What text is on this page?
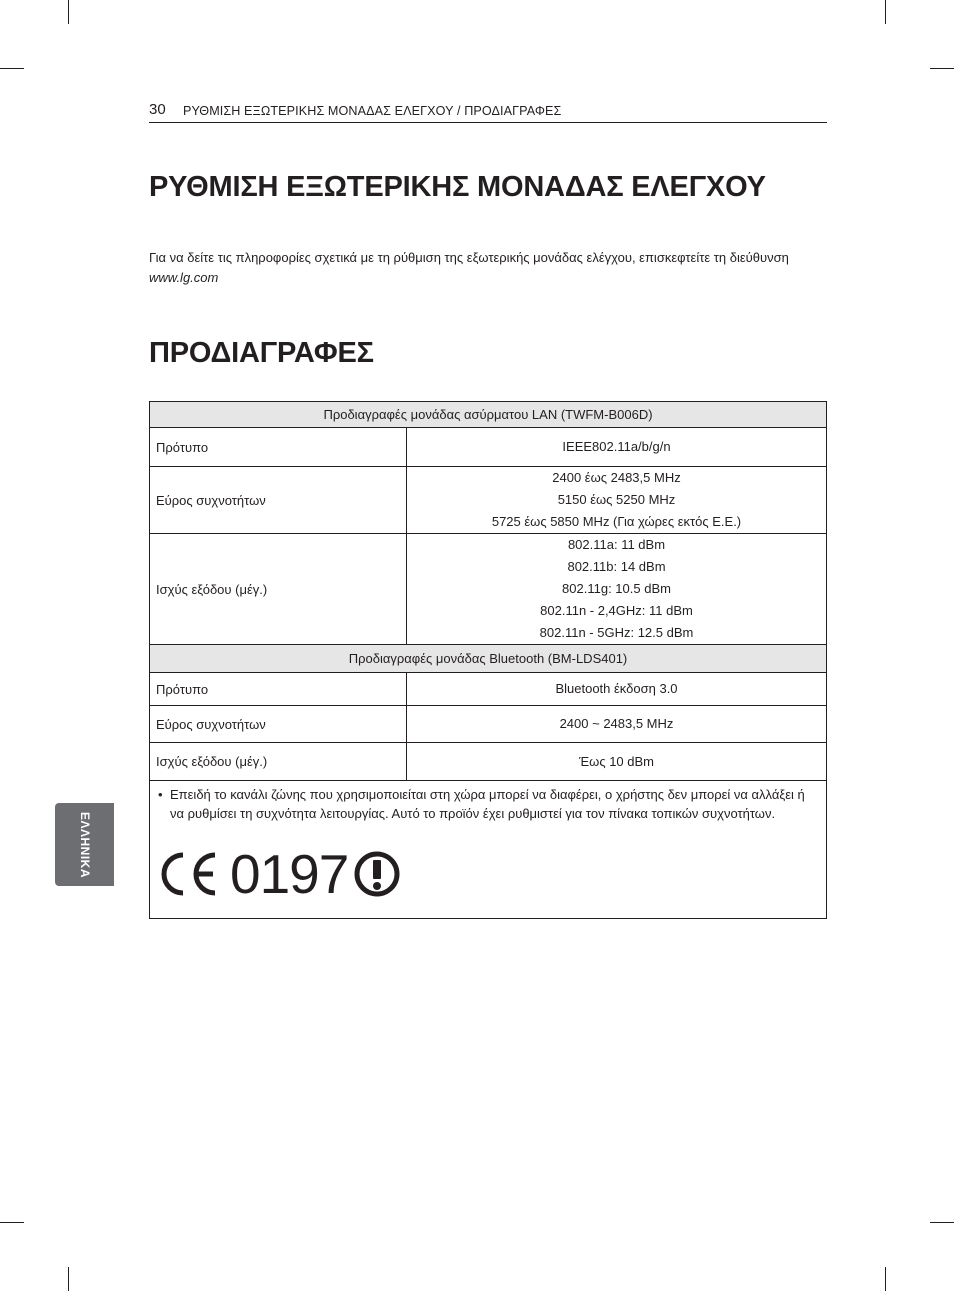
30 ΡΥΘΜΙΣΗ ΕΞΩΤΕΡΙΚΗΣ ΜΟΝΑΔΑΣ ΕΛΕΓΧΟΥ / ΠΡΟΔΙΑΓΡΑΦΕΣ
ΡΥΘΜΙΣΗ ΕΞΩΤΕΡΙΚΗΣ ΜΟΝΑΔΑΣ ΕΛΕΓΧΟΥ

Για να δείτε τις πληροφορίες σχετικά με τη ρύθμιση της εξωτερικής μονάδας ελέγχου, επισκεφτείτε τη διεύθυνση www.lg.com

ΠΡΟΔΙΑΓΡΑΦΕΣ
Προδιαγραφές μονάδας ασύρματου LAN (TWFM-B006D)	
Πρότυπο	IEEE802.11a/b/g/n

Εύρος συχνοτήτων	2400 έως 2483,5 MHz
5150 έως 5250 MHz
5725 έως 5850 MHz (Για χώρες εκτός Ε.Ε.)

Ισχύς εξόδου (μέγ.)	802.11a: 11 dBm
802.11b: 14 dBm
802.11g: 10.5 dBm
802.11n - 2,4GHz: 11 dBm
802.11n - 5GHz: 12.5 dBm

Προδιαγραφές μονάδας Bluetooth (BM-LDS401)	
Πρότυπο	Bluetooth έκδοση 3.0

Εύρος συχνοτήτων	2400 ~ 2483,5 MHz

Ισχύς εξόδου (μέγ.)	Έως 10 dBm

• Επειδή το κανάλι ζώνης που χρησιμοποιείται στη χώρα μπορεί να διαφέρει, ο χρήστης δεν μπορεί να αλλάξει ή να ρυθμίσει τη συχνότητα λειτουργίας. Αυτό το προϊόν έχει ρυθμιστεί για τον πίνακα τοπικών συχνοτήτων.
0197	
ΕΛΛΗΝΙΚΑ
